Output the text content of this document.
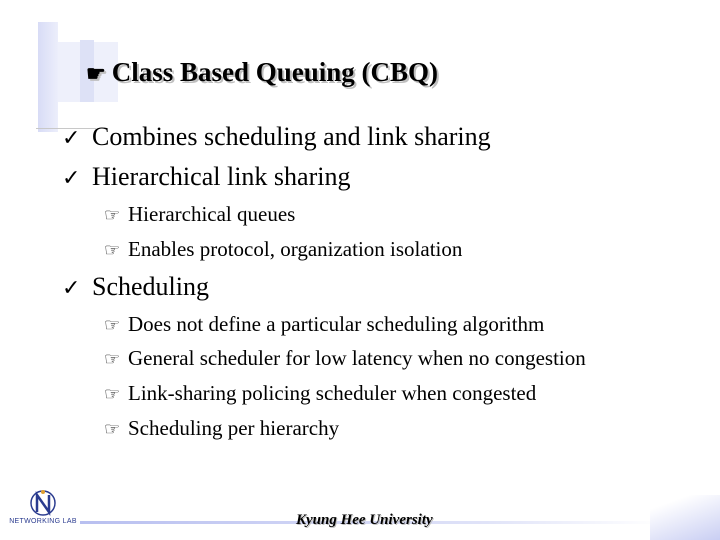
☛ Class Based Queuing (CBQ)
✓ Combines scheduling and link sharing
✓ Hierarchical link sharing
☞ Hierarchical queues
☞ Enables protocol, organization isolation
✓ Scheduling
☞ Does not define a particular scheduling algorithm
☞ General scheduler for low latency when no congestion
☞ Link-sharing policing scheduler when congested
☞ Scheduling per hierarchy
NETWORKING LAB	Kyung Hee University
